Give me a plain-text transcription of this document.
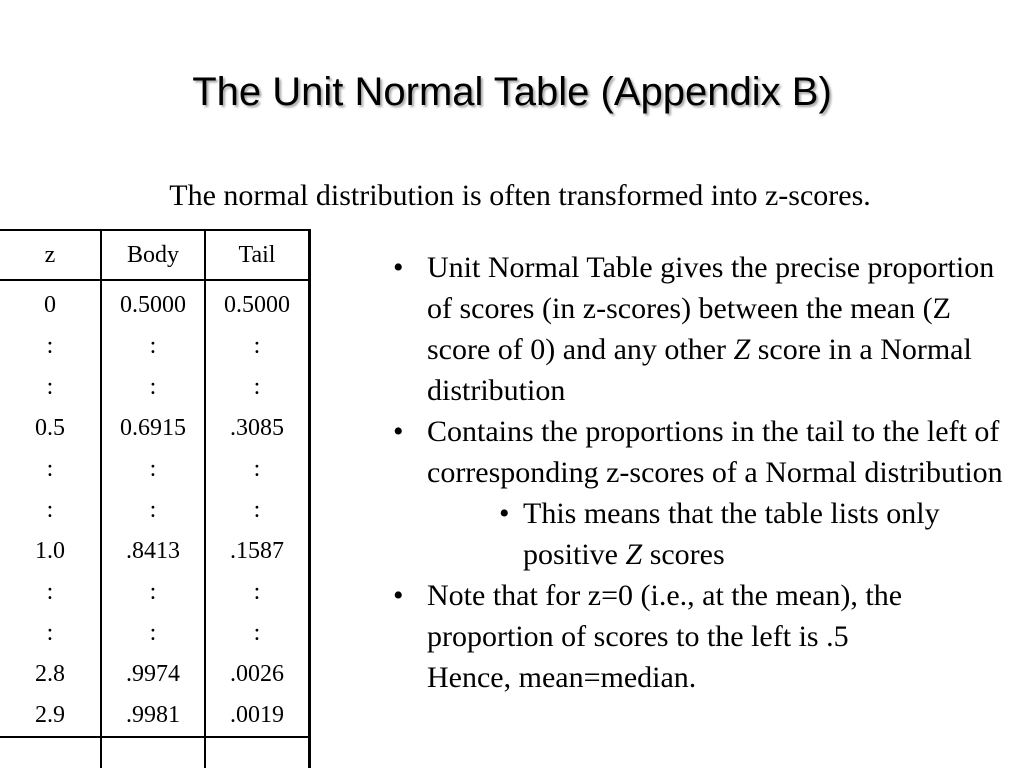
The Unit Normal Table (Appendix B)
The normal distribution is often transformed into z-scores.
z	Body	Tail
0	0.5000	0.5000
:	:	:
:	:	:
0.5	0.6915	.3085
:	:	:
:	:	:
1.0	.8413	.1587
:	:	:
:	:	:
2.8	.9974	.0026
2.9	.9981	.0019

• Unit Normal Table gives the precise proportion of scores (in z-scores) between the mean (Z score of 0) and any other Z score in a Normal distribution
• Contains the proportions in the tail to the left of corresponding z-scores of a Normal distribution
• This means that the table lists only positive Z scores
• Note that for z=0 (i.e., at the mean), the proportion of scores to the left is .5
Hence, mean=median.
